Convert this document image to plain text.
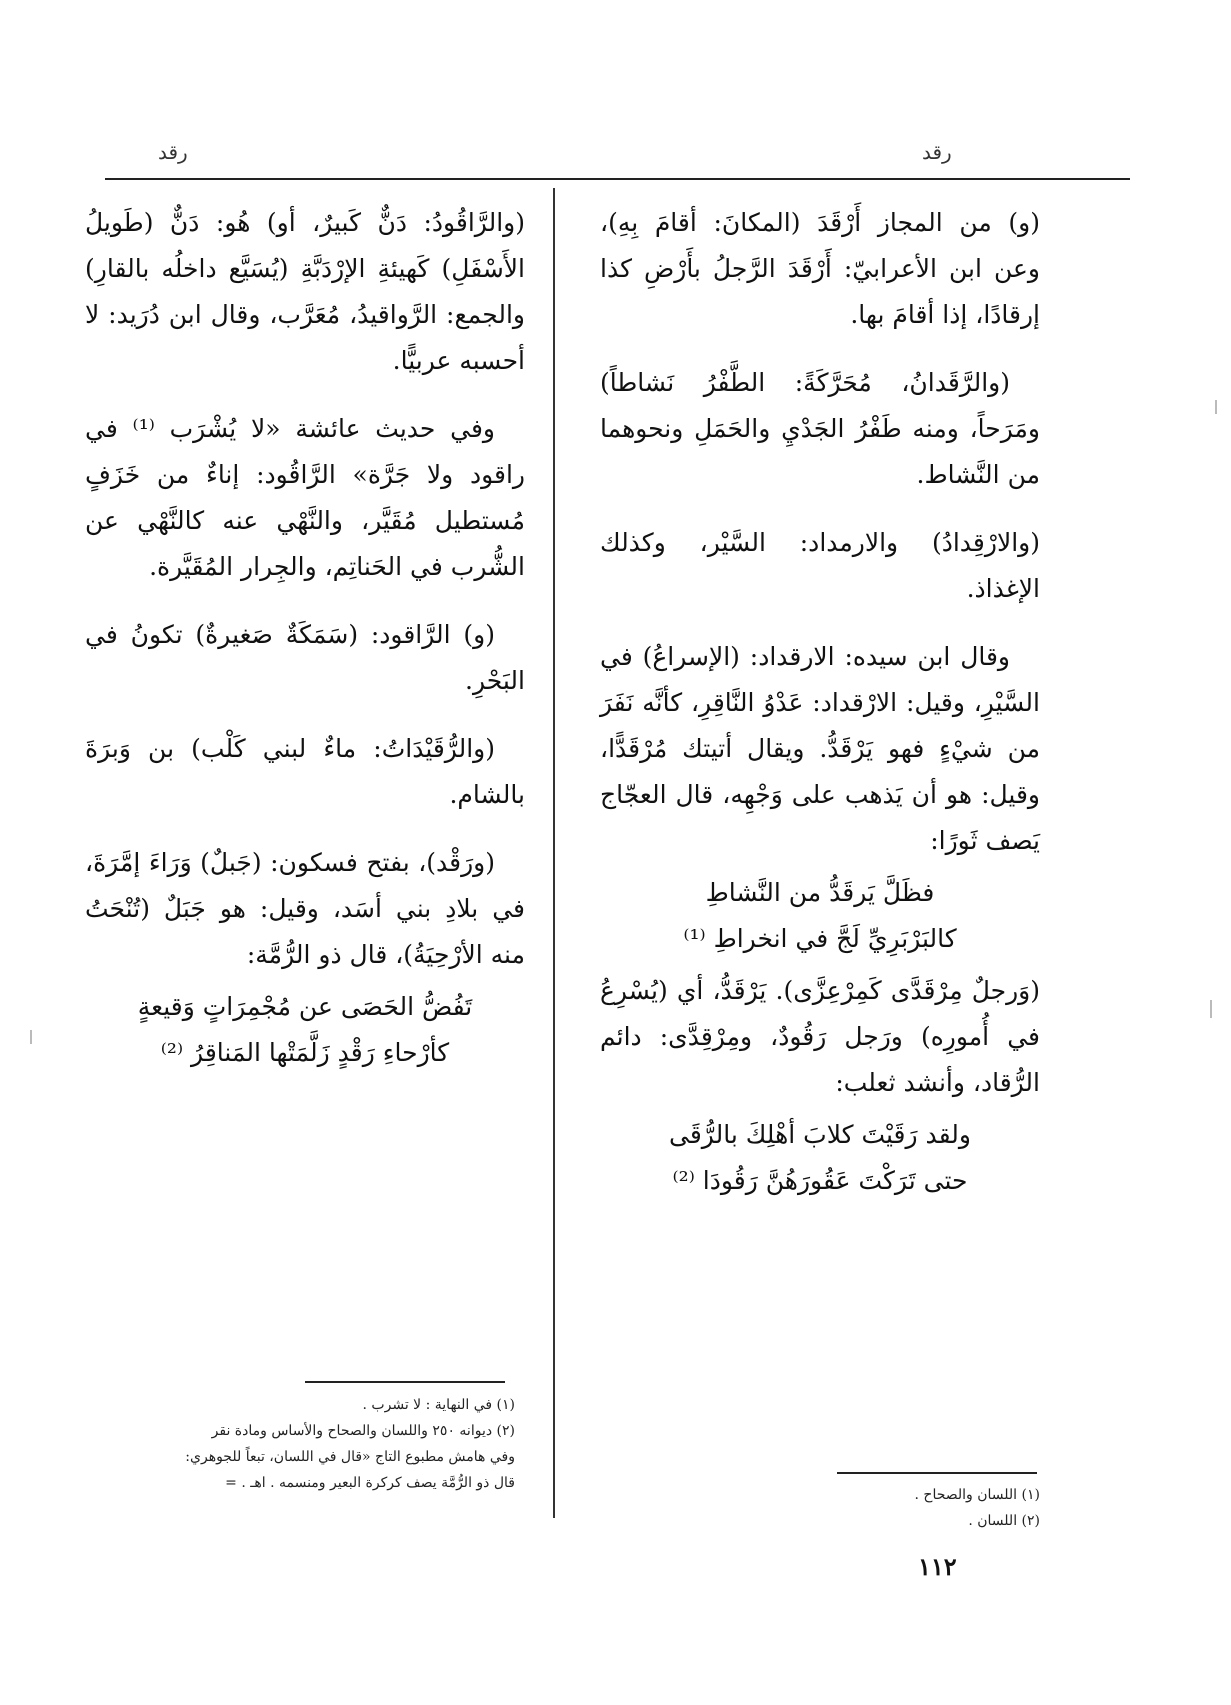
رقد	رقد

(و) من المجاز أَرْقَدَ (المكانَ: أقامَ بِهِ)، وعن ابن الأعرابيّ: أَرْقَدَ الرَّجلُ بأَرْضِ كذا إرقادًا، إذا أقامَ بها.

(والرَّقَدانُ، مُحَرَّكَةً: الطَّفْرُ نَشاطاً) ومَرَحاً، ومنه طَفْرُ الجَدْيِ والحَمَلِ ونحوهما من النَّشاط.

(والارْقِدادُ) والارمداد: السَّيْر، وكذلك الإغذاذ.

وقال ابن سيده: الارقداد: (الإسراعُ) في السَّيْرِ، وقيل: الارْقداد: عَدْوُ النَّاقِرِ، كأنَّه نَفَرَ من شيْءٍ فهو يَرْقَدُّ. ويقال أتيتك مُرْقَدًّا، وقيل: هو أن يَذهب على وَجْهِه، قال العجّاج يَصف ثَورًا:

فظَلَّ يَرقَدُّ من النَّشاطِ

كالبَرْبَرِيِّ لَجَّ في انخراطِ ⁽¹⁾

(وَرجلٌ مِرْقَدَّى كَمِرْعِزَّى). يَرْقَدُّ، أي (يُسْرِعُ في أُمورِه) ورَجل رَقُودٌ، ومِرْقِدَّى: دائم الرُّقاد، وأنشد ثعلب:

ولقد رَقَيْتَ كلابَ أهْلِكَ بالرُّقَى

حتى تَرَكْتَ عَقُورَهُنَّ رَقُودَا ⁽²⁾

(والرَّاقُودُ: دَنٌّ كَبيرٌ، أو) هُو: دَنٌّ (طَويلُ الأَسْفَلِ) كَهيئةِ الإرْدَبَّةِ (يُسَيَّع داخلُه بالقارِ) والجمع: الرَّواقيدُ، مُعَرَّب، وقال ابن دُرَيد: لا أحسبه عربيًّا.

وفي حديث عائشة «لا يُشْرَب ⁽¹⁾ في راقود ولا جَرَّة» الرَّاقُود: إناءٌ من خَزَفٍ مُستطيل مُقَيَّر، والنَّهْي عنه كالنَّهْي عن الشُّرب في الحَناتِم، والجِرار المُقَيَّرة.

(و) الرَّاقود: (سَمَكَةٌ صَغيرةٌ) تكونُ في البَحْرِ.

(والرُّقَيْدَاتُ: ماءٌ لبني كَلْب) بن وَبرَةَ بالشام.

(ورَقْد)، بفتح فسكون: (جَبلٌ) وَرَاءَ إمَّرَةَ، في بلادِ بني أسَد، وقيل: هو جَبَلٌ (تُنْحَتُ منه الأرْحِيَةُ)، قال ذو الرُّمَّة:

تَفُضُّ الحَصَى عن مُجْمِرَاتٍ وَقيعةٍ

كأرْحاءِ رَقْدٍ زَلَّمَتْها المَناقِرُ ⁽²⁾

(١) في النهاية : لا تشرب .

(٢) ديوانه ٢٥٠ واللسان والصحاح والأساس ومادة نقر

وفي هامش مطبوع التاج «قال في اللسان، تبعاً للجوهري:

قال ذو الرُّمَّة يصف كركرة البعير ومنسمه . اهـ . =

(١) اللسان والصحاح .

(٢) اللسان .

١١٢
